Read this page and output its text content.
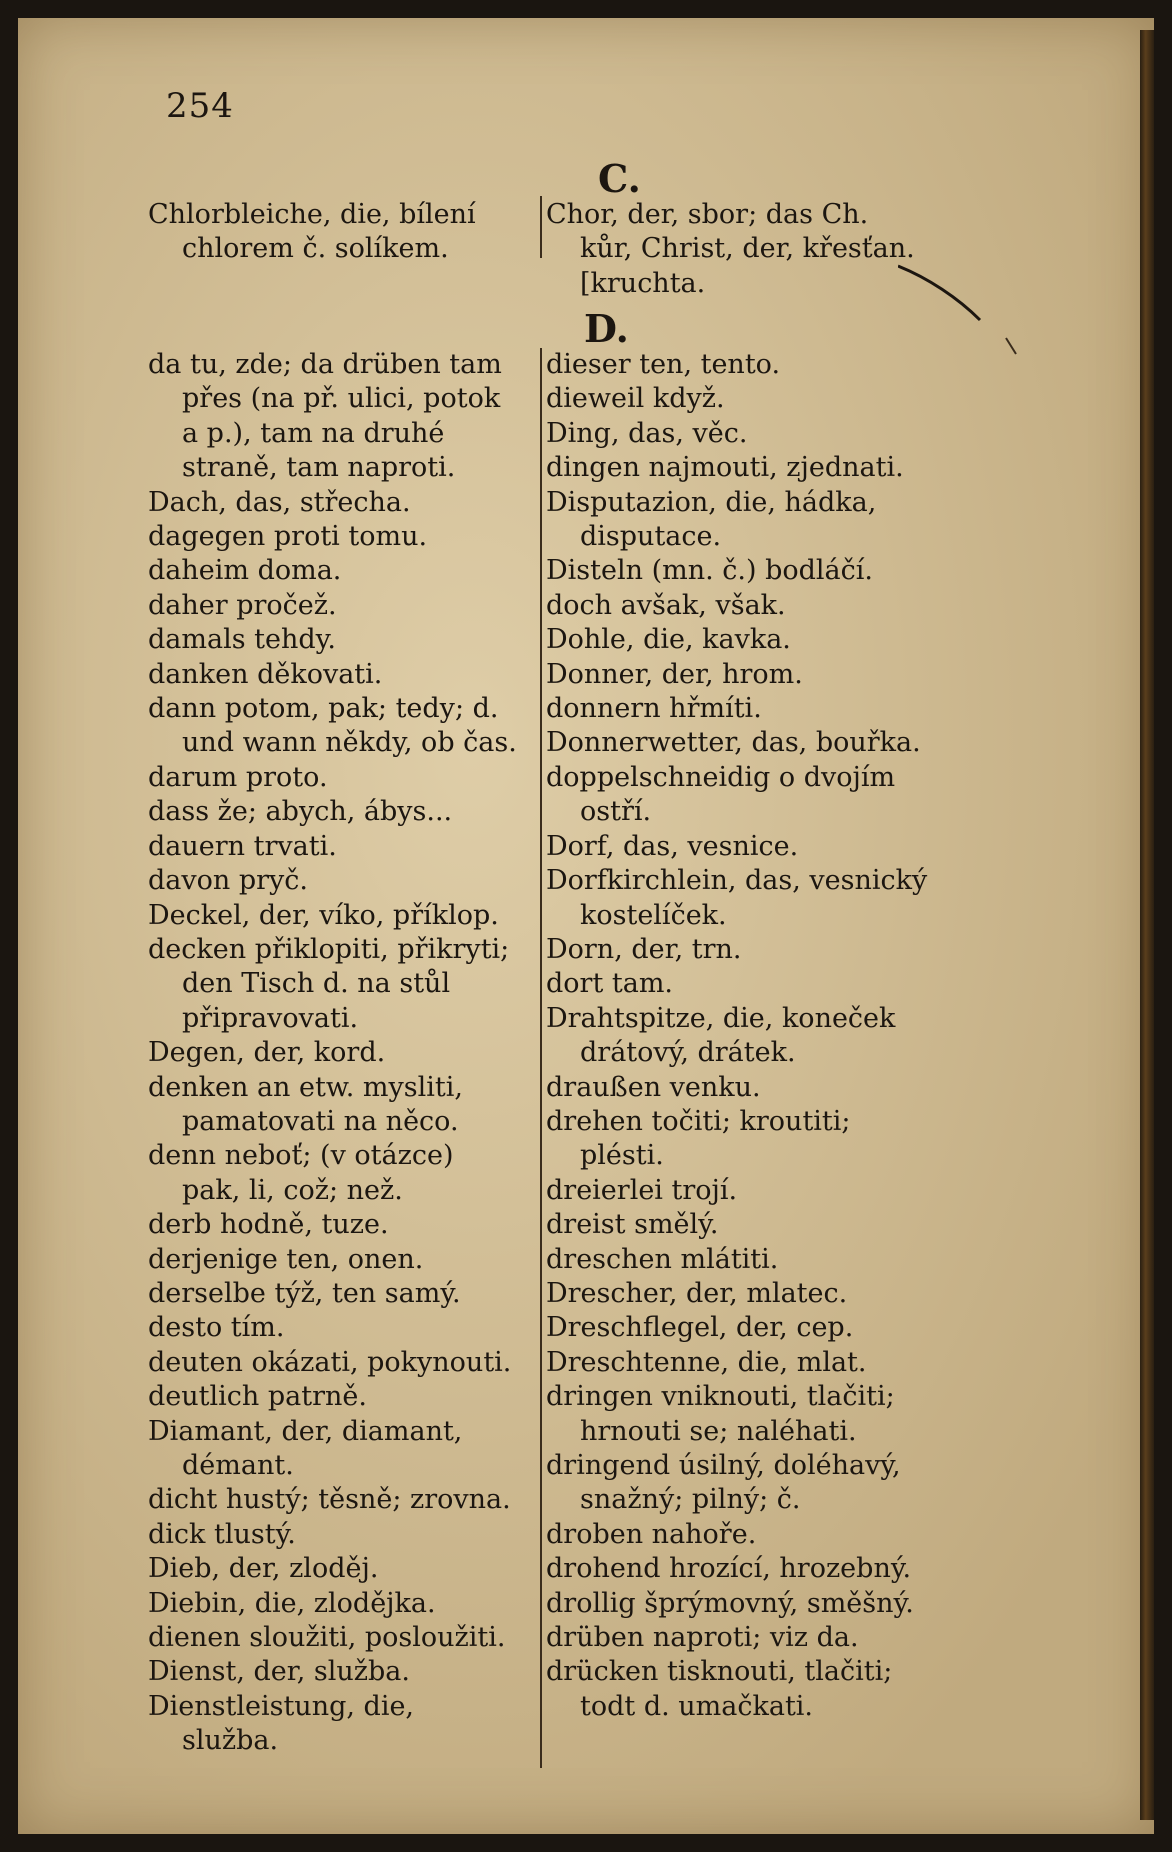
254
C.
Chlorbleiche, die, bílení chlorem č. solíkem.
Chor, der, sbor; das Ch. kůr, Christ, der, křesťan. [kruchta.
D.
da tu, zde; da drüben tam přes (na př. ulici, potok a p.), tam na druhé straně, tam naproti.
Dach, das, střecha.
dagegen proti tomu.
daheim doma.
daher pročež.
damals tehdy.
danken děkovati.
dann potom, pak; tedy; d. und wann někdy, ob čas.
darum proto.
dass že; abych, ábys...
dauern trvati.
davon pryč.
Deckel, der, víko, příklop.
decken přiklopiti, přikryti; den Tisch d. na stůl připravovati.
Degen, der, kord.
denken an etw. mysliti, pamatovati na něco.
denn neboť; (v otázce) pak, li, což; než.
derb hodně, tuze.
derjenige ten, onen.
derselbe týž, ten samý.
desto tím.
deuten okázati, pokynouti.
deutlich patrně.
Diamant, der, diamant, démant.
dicht hustý; těsně; zrovna.
dick tlustý.
Dieb, der, zloděj.
Diebin, die, zlodějka.
dienen sloužiti, posloužiti.
Dienst, der, služba.
Dienstleistung, die, služba.
dieser ten, tento.
dieweil když.
Ding, das, věc.
dingen najmouti, zjednati.
Disputazion, die, hádka, disputace.
Disteln (mn. č.) bodláčí.
doch avšak, však.
Dohle, die, kavka.
Donner, der, hrom.
donnern hřmíti.
Donnerwetter, das, bouřka.
doppelschneidig o dvojím ostří.
Dorf, das, vesnice.
Dorfkirchlein, das, vesnický kostelíček.
Dorn, der, trn.
dort tam.
Drahtspitze, die, koneček drátový, drátek.
draußen venku.
drehen točiti; kroutiti; plésti.
dreierlei trojí.
dreist smělý.
dreschen mlátiti.
Drescher, der, mlatec.
Dreschflegel, der, cep.
Dreschtenne, die, mlat.
dringen vniknouti, tlačiti; hrnouti se; naléhati.
dringend úsilný, doléhavý, snažný; pilný; č.
droben nahoře.
drohend hrozící, hrozebný.
drollig šprýmovný, směšný.
drüben naproti; viz da.
drücken tisknouti, tlačiti; todt d. umačkati.
